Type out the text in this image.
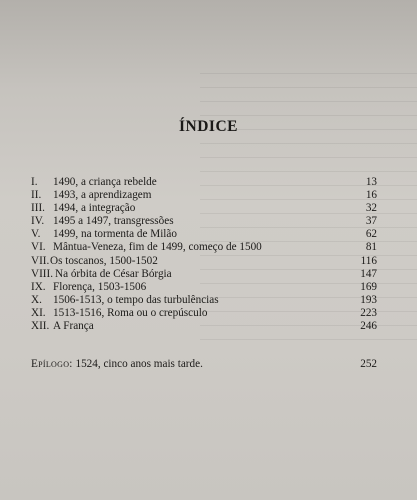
ÍNDICE
I. 1490, a criança rebelde	13
II. 1493, a aprendizagem	16
III. 1494, a integração	32
IV. 1495 a 1497, transgressões	37
V. 1499, na tormenta de Milão	62
VI. Mântua-Veneza, fim de 1499, começo de 1500	81
VII. Os toscanos, 1500-1502	116
VIII. Na órbita de César Bórgia	147
IX. Florença, 1503-1506	169
X. 1506-1513, o tempo das turbulências	193
XI. 1513-1516, Roma ou o crepúsculo	223
XII. A França	246
Epílogo: 1524, cinco anos mais tarde.	252
